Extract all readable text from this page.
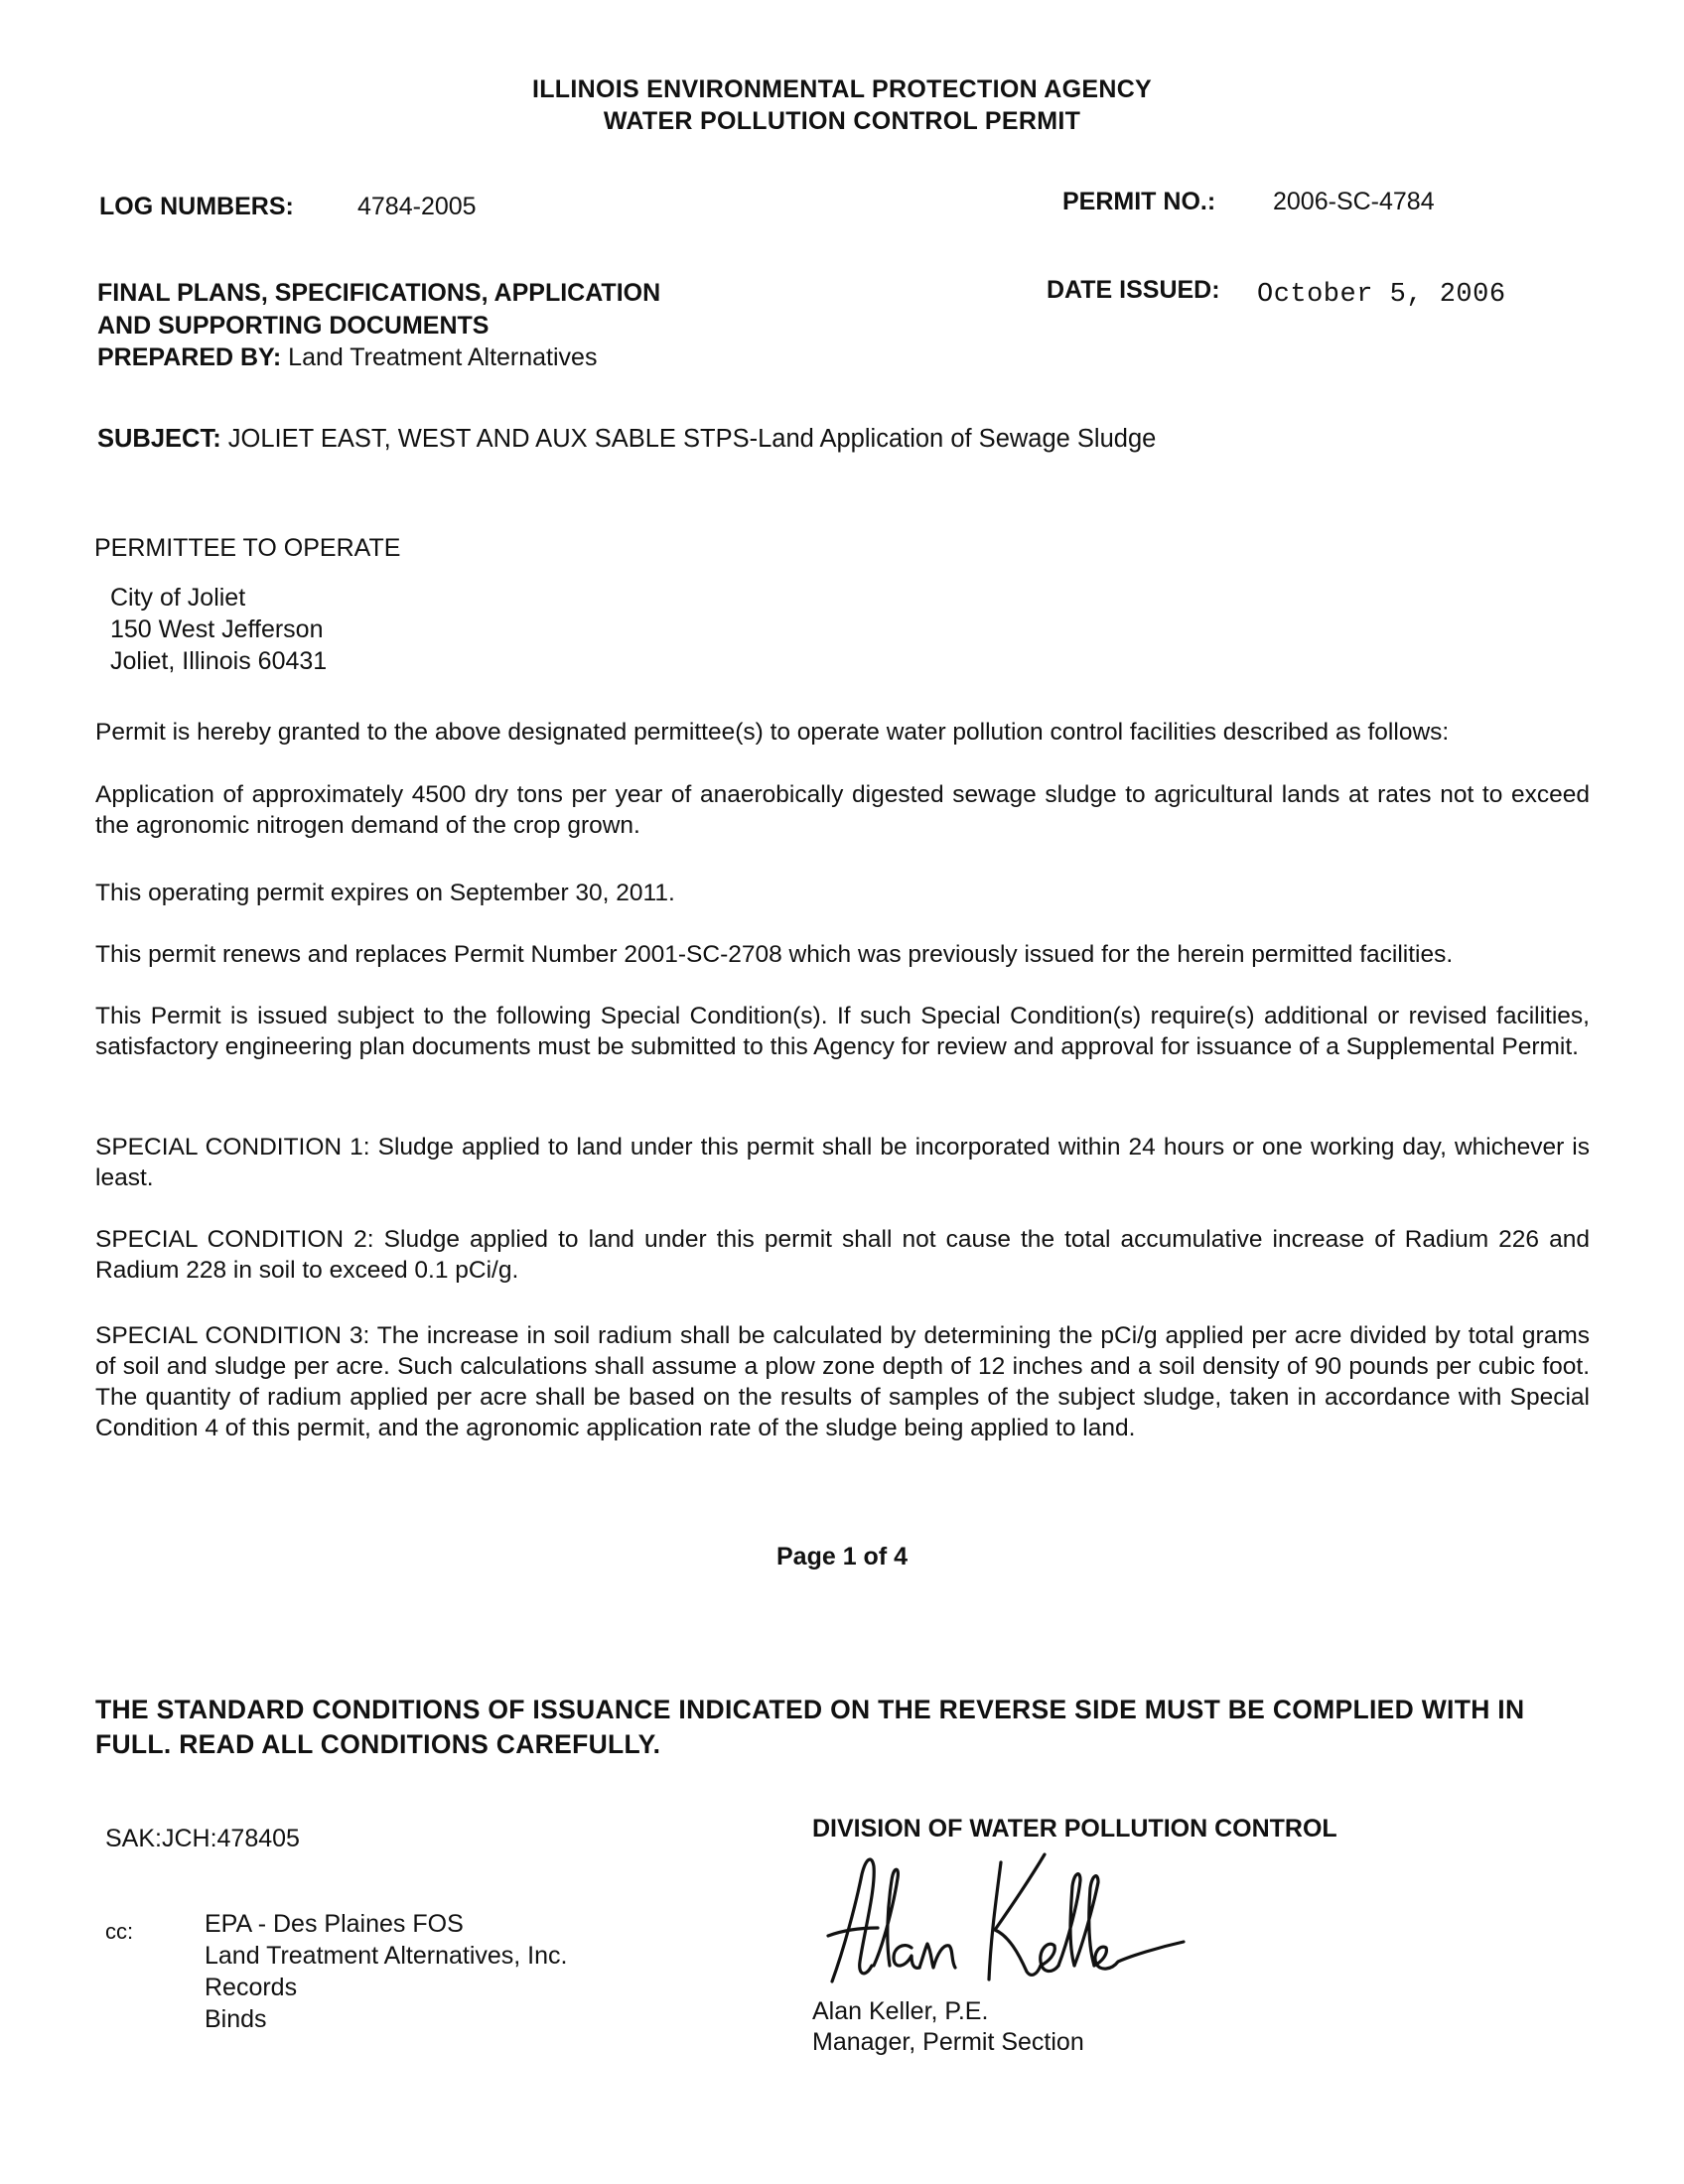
ILLINOIS ENVIRONMENTAL PROTECTION AGENCY
WATER POLLUTION CONTROL PERMIT
LOG NUMBERS:	4784-2005	PERMIT NO.: 2006-SC-4784
FINAL PLANS, SPECIFICATIONS, APPLICATION
AND SUPPORTING DOCUMENTS
PREPARED BY: Land Treatment Alternatives
DATE ISSUED: October 5, 2006
SUBJECT: JOLIET EAST, WEST AND AUX SABLE STPS-Land Application of Sewage Sludge
PERMITTEE TO OPERATE
City of Joliet
150 West Jefferson
Joliet, Illinois 60431
Permit is hereby granted to the above designated permittee(s) to operate water pollution control facilities described as follows:
Application of approximately 4500 dry tons per year of anaerobically digested sewage sludge to agricultural lands at rates not to exceed the agronomic nitrogen demand of the crop grown.
This operating permit expires on September 30, 2011.
This permit renews and replaces Permit Number 2001-SC-2708 which was previously issued for the herein permitted facilities.
This Permit is issued subject to the following Special Condition(s). If such Special Condition(s) require(s) additional or revised facilities, satisfactory engineering plan documents must be submitted to this Agency for review and approval for issuance of a Supplemental Permit.
SPECIAL CONDITION 1: Sludge applied to land under this permit shall be incorporated within 24 hours or one working day, whichever is least.
SPECIAL CONDITION 2: Sludge applied to land under this permit shall not cause the total accumulative increase of Radium 226 and Radium 228 in soil to exceed 0.1 pCi/g.
SPECIAL CONDITION 3: The increase in soil radium shall be calculated by determining the pCi/g applied per acre divided by total grams of soil and sludge per acre. Such calculations shall assume a plow zone depth of 12 inches and a soil density of 90 pounds per cubic foot. The quantity of radium applied per acre shall be based on the results of samples of the subject sludge, taken in accordance with Special Condition 4 of this permit, and the agronomic application rate of the sludge being applied to land.
Page 1 of 4
THE STANDARD CONDITIONS OF ISSUANCE INDICATED ON THE REVERSE SIDE MUST BE COMPLIED WITH IN FULL. READ ALL CONDITIONS CAREFULLY.
SAK:JCH:478405	DIVISION OF WATER POLLUTION CONTROL
cc:	EPA - Des Plaines FOS
Land Treatment Alternatives, Inc.
Records
Binds	Alan Keller, P.E.
Manager, Permit Section
